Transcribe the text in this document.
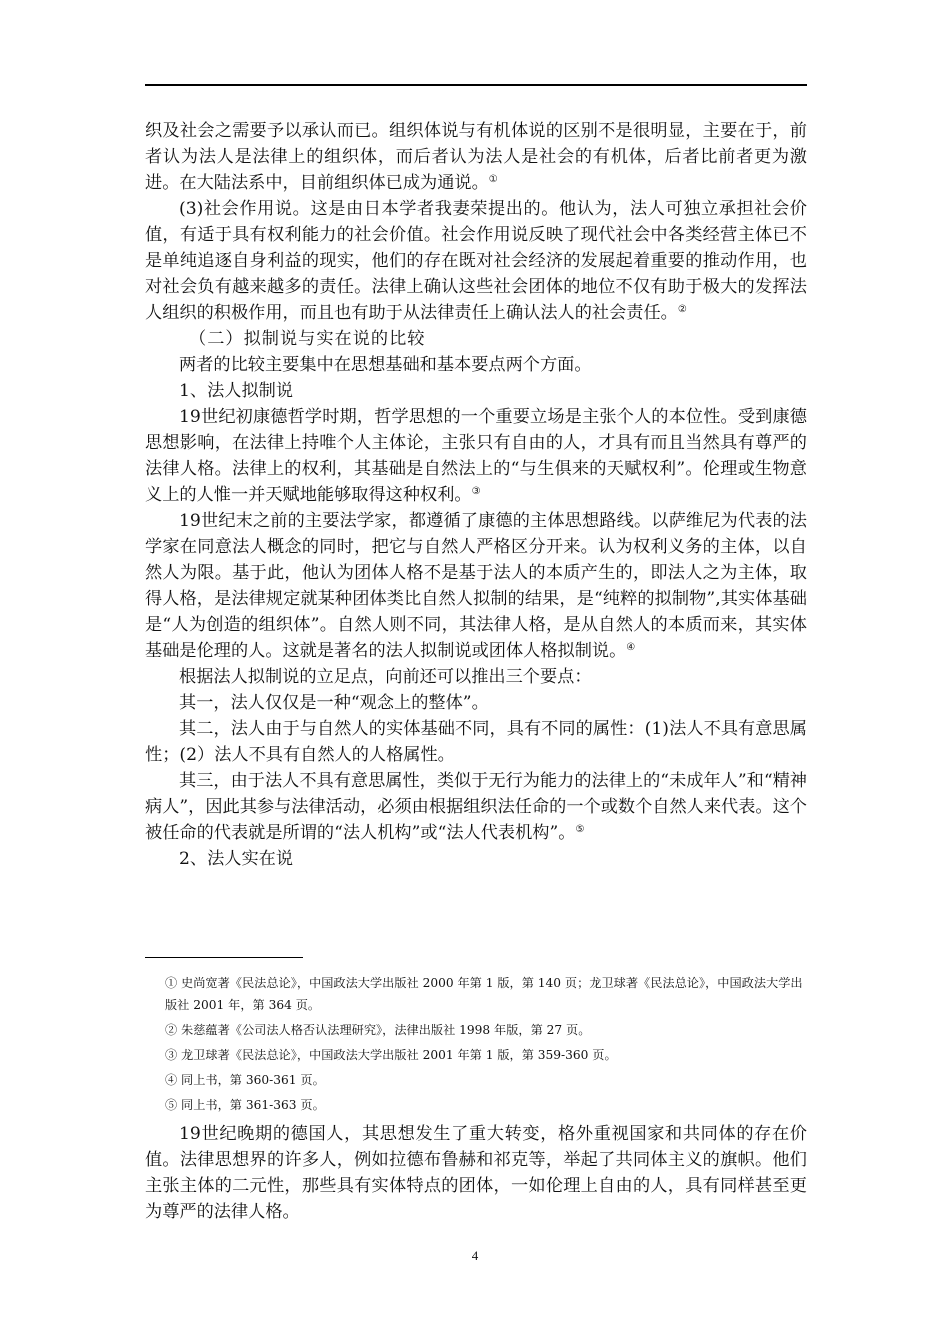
织及社会之需要予以承认而已。组织体说与有机体说的区别不是很明显，主要在于，前者认为法人是法律上的组织体，而后者认为法人是社会的有机体，后者比前者更为激进。在大陆法系中，目前组织体已成为通说。①

(3)社会作用说。这是由日本学者我妻荣提出的。他认为，法人可独立承担社会价值，有适于具有权利能力的社会价值。社会作用说反映了现代社会中各类经营主体已不是单纯追逐自身利益的现实，他们的存在既对社会经济的发展起着重要的推动作用，也对社会负有越来越多的责任。法律上确认这些社会团体的地位不仅有助于极大的发挥法人组织的积极作用，而且也有助于从法律责任上确认法人的社会责任。②

（二）拟制说与实在说的比较

两者的比较主要集中在思想基础和基本要点两个方面。

1、法人拟制说

19世纪初康德哲学时期，哲学思想的一个重要立场是主张个人的本位性。受到康德思想影响，在法律上持唯个人主体论，主张只有自由的人，才具有而且当然具有尊严的法律人格。法律上的权利，其基础是自然法上的“与生俱来的天赋权利”。伦理或生物意义上的人惟一并天赋地能够取得这种权利。③

19世纪末之前的主要法学家，都遵循了康德的主体思想路线。以萨维尼为代表的法学家在同意法人概念的同时，把它与自然人严格区分开来。认为权利义务的主体，以自然人为限。基于此，他认为团体人格不是基于法人的本质产生的，即法人之为主体，取得人格，是法律规定就某种团体类比自然人拟制的结果，是“纯粹的拟制物”,其实体基础是“人为创造的组织体”。自然人则不同，其法律人格，是从自然人的本质而来，其实体基础是伦理的人。这就是著名的法人拟制说或团体人格拟制说。④

根据法人拟制说的立足点，向前还可以推出三个要点：

其一，法人仅仅是一种“观念上的整体”。

其二，法人由于与自然人的实体基础不同，具有不同的属性：(1)法人不具有意思属性；(2）法人不具有自然人的人格属性。

其三，由于法人不具有意思属性，类似于无行为能力的法律上的“未成年人”和“精神病人”，因此其参与法律活动，必须由根据组织法任命的一个或数个自然人来代表。这个被任命的代表就是所谓的“法人机构”或“法人代表机构”。⑤

2、法人实在说

① 史尚宽著《民法总论》，中国政法大学出版社 2000 年第 1 版，第 140 页；龙卫球著《民法总论》，中国政法大学出版社 2001 年，第 364 页。

② 朱慈蕴著《公司法人格否认法理研究》，法律出版社 1998 年版，第 27 页。

③ 龙卫球著《民法总论》，中国政法大学出版社 2001 年第 1 版，第 359-360 页。

④ 同上书，第 360-361 页。

⑤ 同上书，第 361-363 页。

19世纪晚期的德国人，其思想发生了重大转变，格外重视国家和共同体的存在价值。法律思想界的许多人，例如拉德布鲁赫和祁克等，举起了共同体主义的旗帜。他们主张主体的二元性，那些具有实体特点的团体，一如伦理上自由的人，具有同样甚至更为尊严的法律人格。

4
